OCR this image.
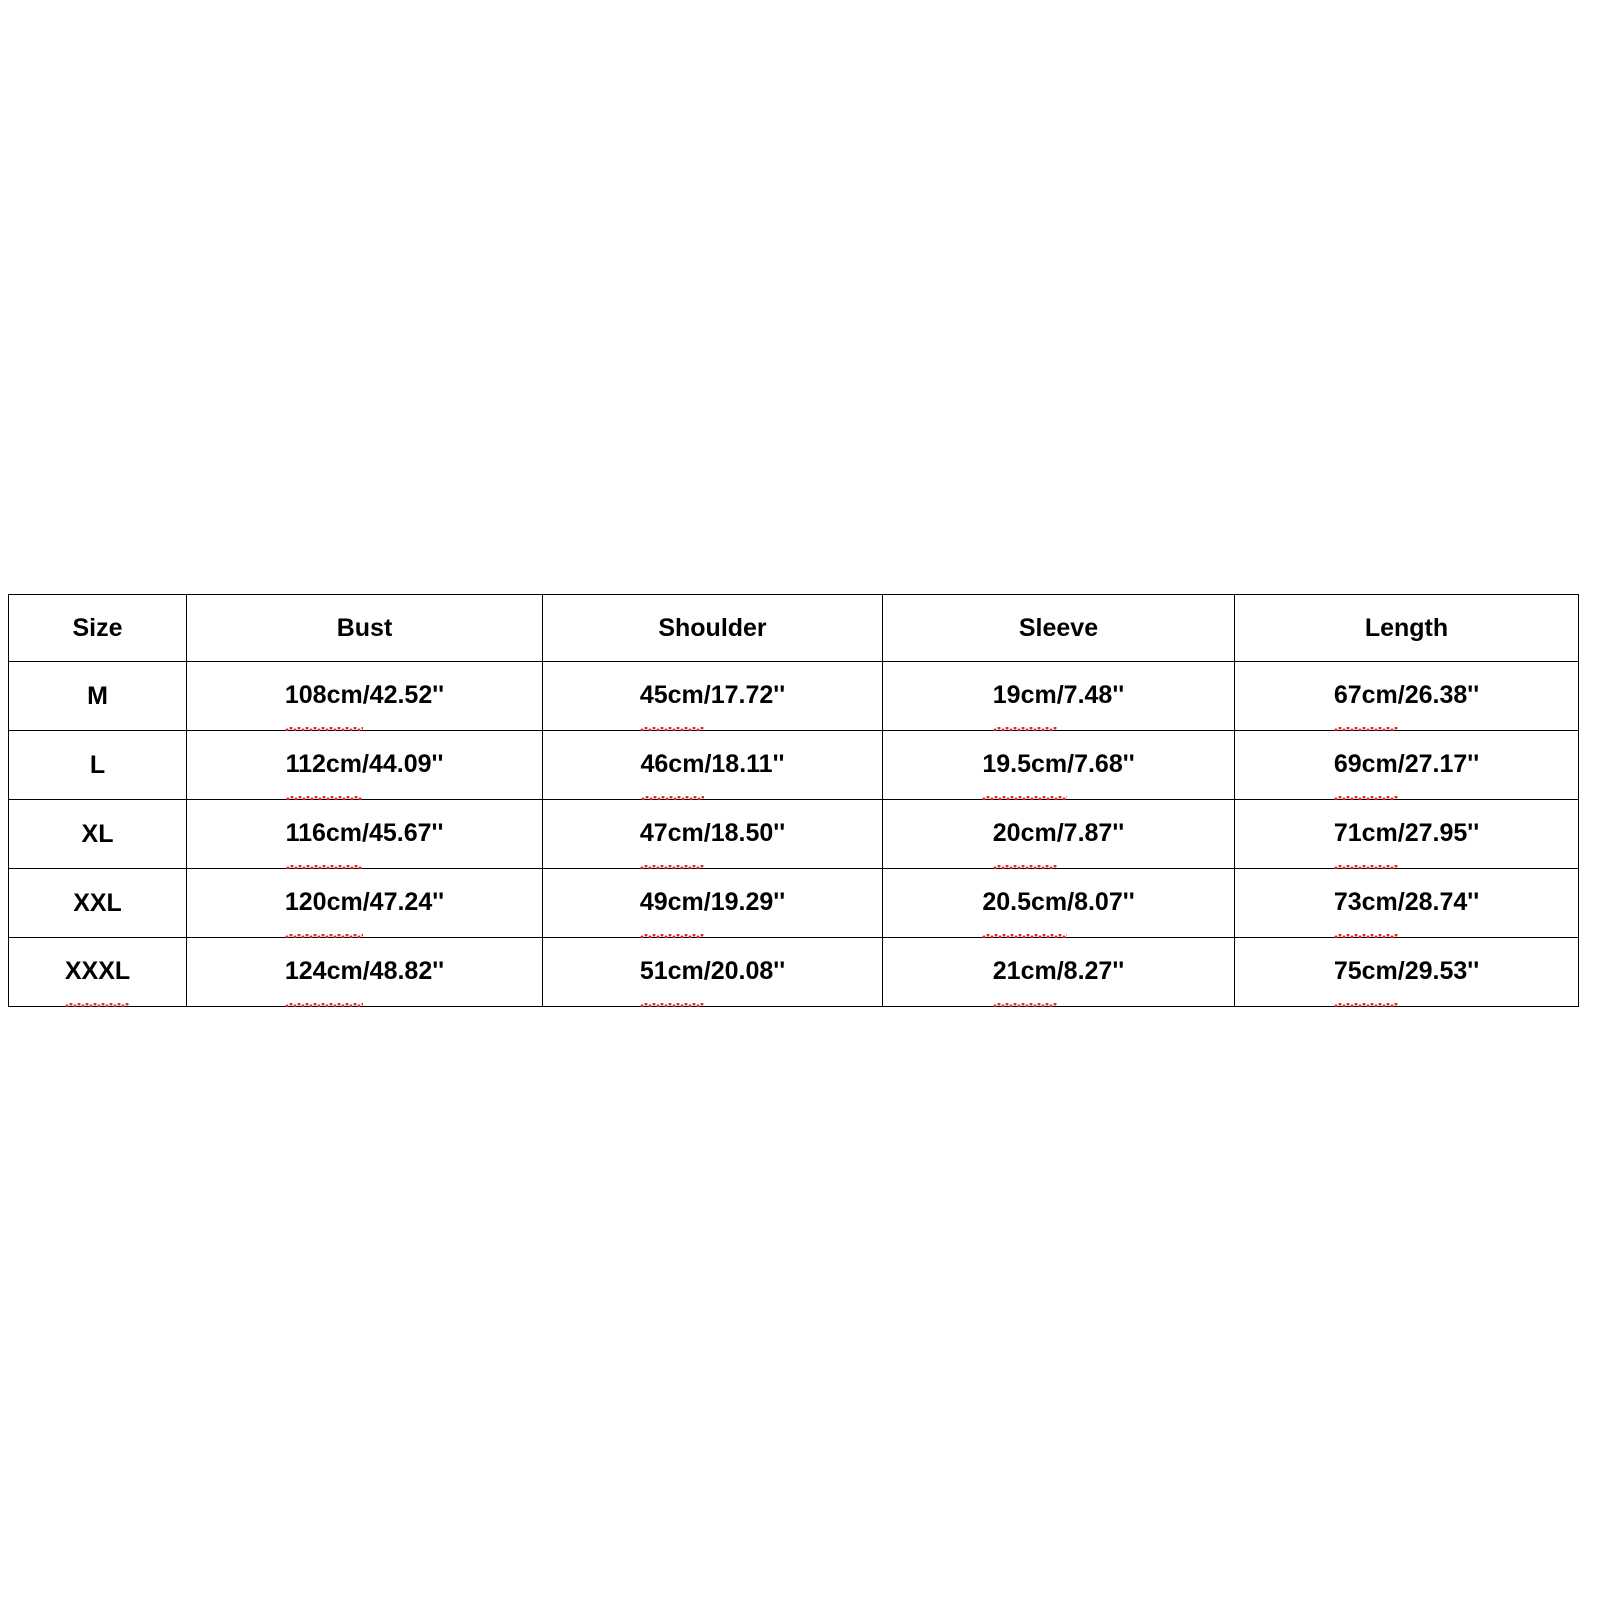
Size	Bust	Shoulder	Sleeve	Length
M	108cm/42.52''	45cm/17.72''	19cm/7.48''	67cm/26.38''
L	112cm/44.09''	46cm/18.11''	19.5cm/7.68''	69cm/27.17''
XL	116cm/45.67''	47cm/18.50''	20cm/7.87''	71cm/27.95''
XXL	120cm/47.24''	49cm/19.29''	20.5cm/8.07''	73cm/28.74''
XXXL	124cm/48.82''	51cm/20.08''	21cm/8.27''	75cm/29.53''
